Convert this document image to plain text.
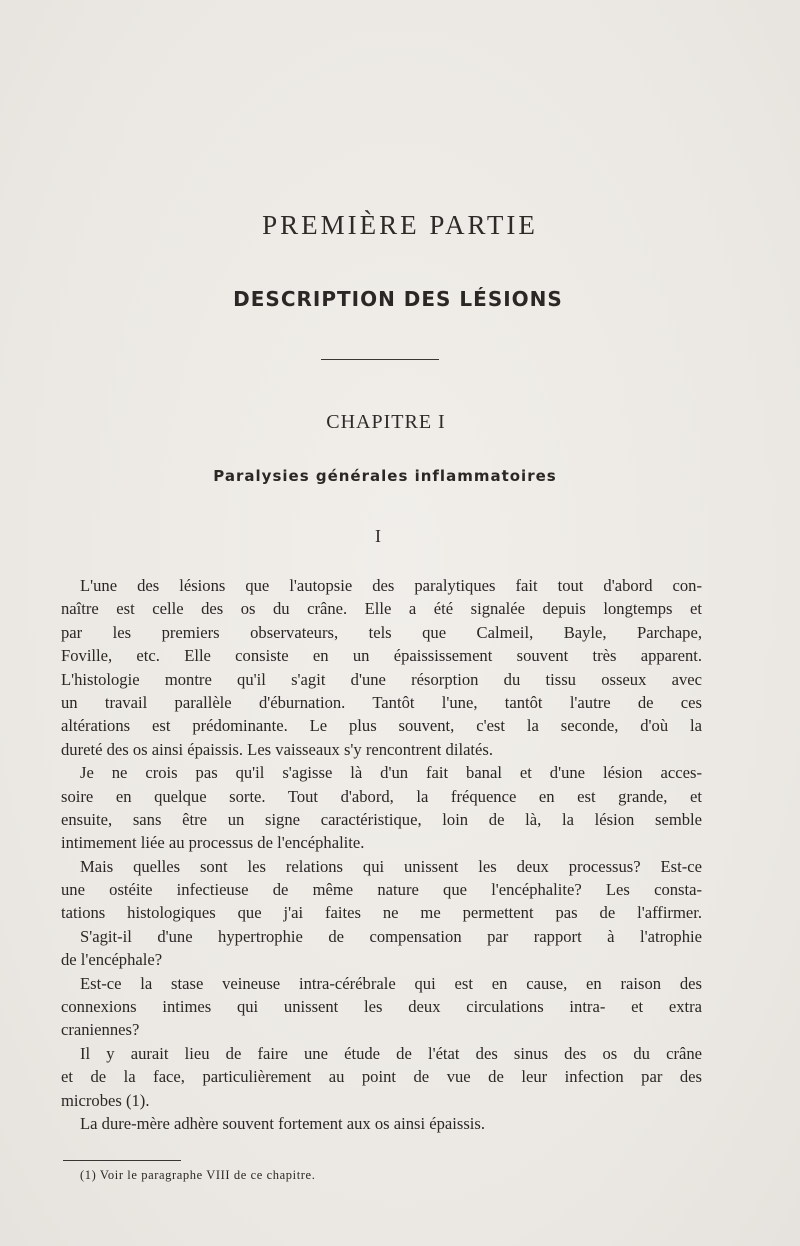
PREMIÈRE PARTIE
DESCRIPTION DES LÉSIONS
CHAPITRE I
Paralysies générales inflammatoires
I
L'une des lésions que l'autopsie des paralytiques fait tout d'abord con-
naître est celle des os du crâne. Elle a été signalée depuis longtemps et
par les premiers observateurs, tels que Calmeil, Bayle, Parchape,
Foville, etc. Elle consiste en un épaississement souvent très apparent.
L'histologie montre qu'il s'agit d'une résorption du tissu osseux avec
un travail parallèle d'éburnation. Tantôt l'une, tantôt l'autre de ces
altérations est prédominante. Le plus souvent, c'est la seconde, d'où la
dureté des os ainsi épaissis. Les vaisseaux s'y rencontrent dilatés.
Je ne crois pas qu'il s'agisse là d'un fait banal et d'une lésion acces-
soire en quelque sorte. Tout d'abord, la fréquence en est grande, et
ensuite, sans être un signe caractéristique, loin de là, la lésion semble
intimement liée au processus de l'encéphalite.
Mais quelles sont les relations qui unissent les deux processus? Est-ce
une ostéite infectieuse de même nature que l'encéphalite? Les consta-
tations histologiques que j'ai faites ne me permettent pas de l'affirmer.
S'agit-il d'une hypertrophie de compensation par rapport à l'atrophie
de l'encéphale?
Est-ce la stase veineuse intra-cérébrale qui est en cause, en raison des
connexions intimes qui unissent les deux circulations intra- et extra
craniennes?
Il y aurait lieu de faire une étude de l'état des sinus des os du crâne
et de la face, particulièrement au point de vue de leur infection par des
microbes (1).
La dure-mère adhère souvent fortement aux os ainsi épaissis.
(1) Voir le paragraphe VIII de ce chapitre.
